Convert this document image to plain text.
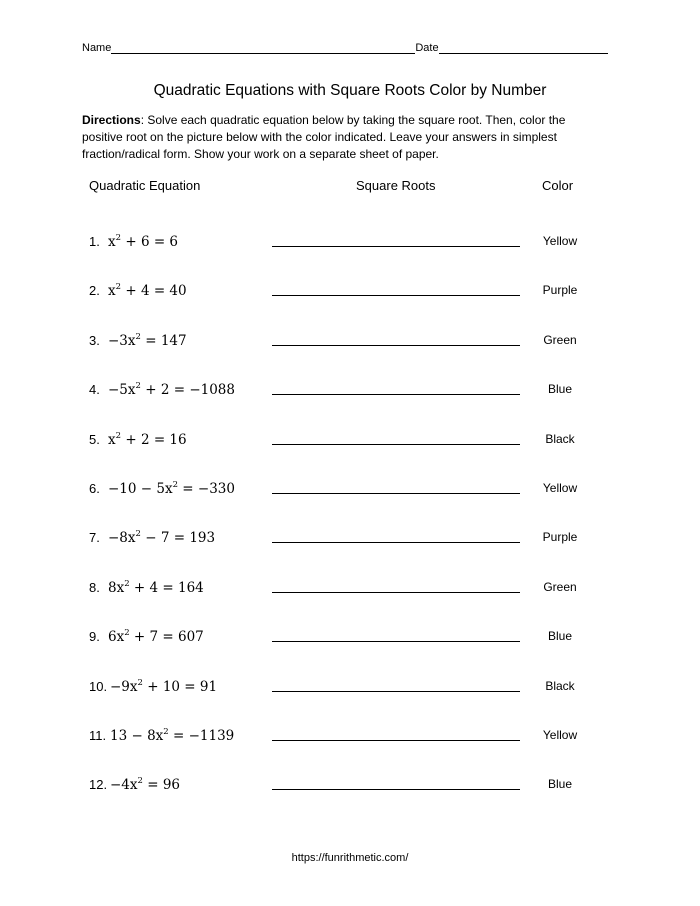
Name	Date
Quadratic Equations with Square Roots Color by Number
Directions: Solve each quadratic equation below by taking the square root. Then, color the positive root on the picture below with the color indicated. Leave your answers in simplest fraction/radical form. Show your work on a separate sheet of paper.
Quadratic Equation	Square Roots	Color
1. $x^2 + 6 = 6$	Yellow
2. $x^2 + 4 = 40$	Purple
3. $-3x^2 = 147$	Green
4. $-5x^2 + 2 = -1088$	Blue
5. $x^2 + 2 = 16$	Black
6. $-10 - 5x^2 = -330$	Yellow
7. $-8x^2 - 7 = 193$	Purple
8. $8x^2 + 4 = 164$	Green
9. $6x^2 + 7 = 607$	Blue
10. $-9x^2 + 10 = 91$	Black
11. $13 - 8x^2 = -1139$	Yellow
12. $-4x^2 = 96$	Blue
https://funrithmetic.com/
